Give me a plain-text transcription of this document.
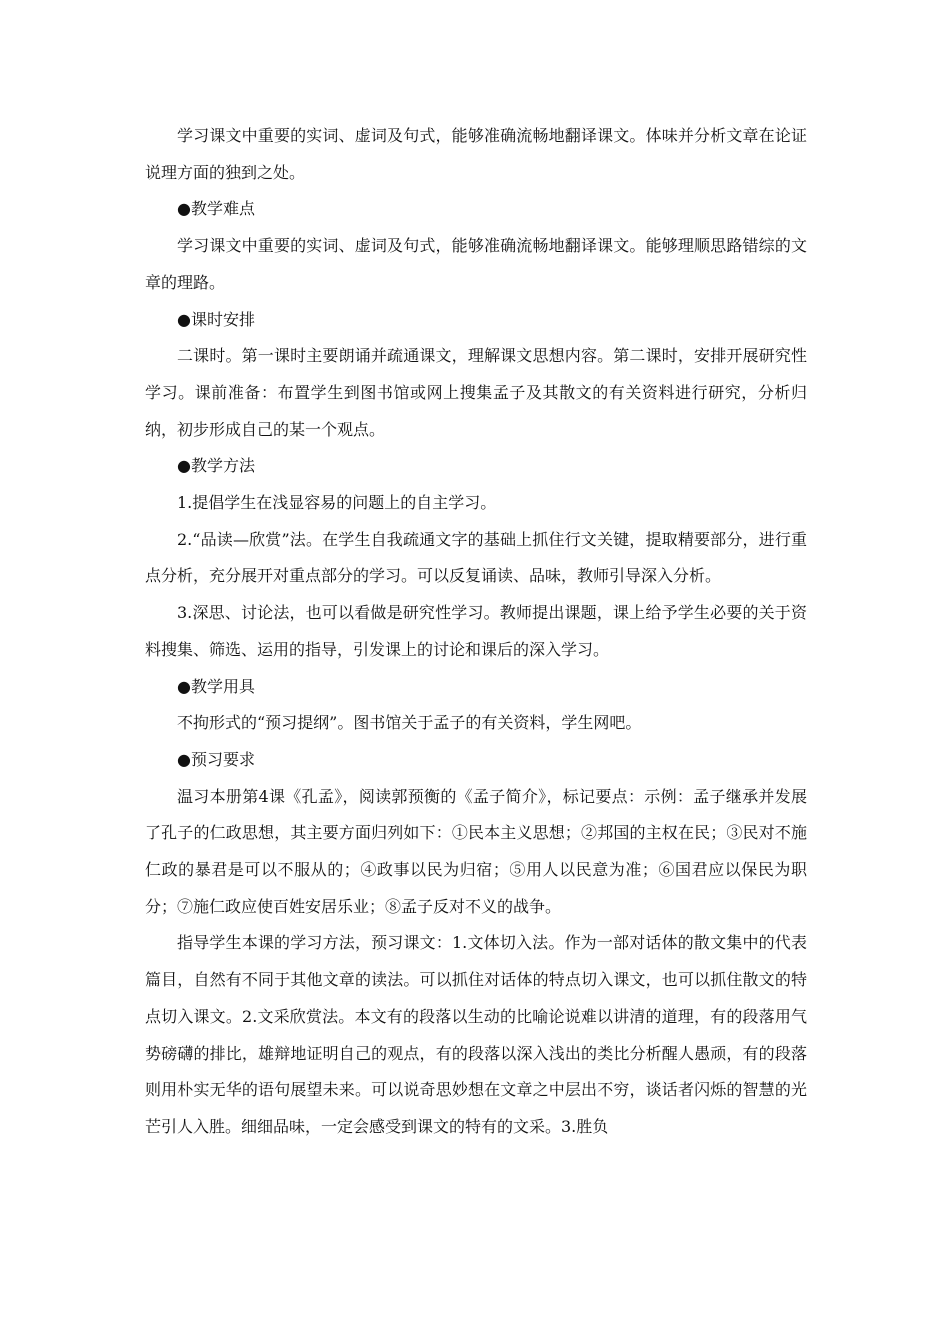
学习课文中重要的实词、虚词及句式，能够准确流畅地翻译课文。体味并分析文章在论证说理方面的独到之处。

●教学难点

学习课文中重要的实词、虚词及句式，能够准确流畅地翻译课文。能够理顺思路错综的文章的理路。

●课时安排

二课时。第一课时主要朗诵并疏通课文，理解课文思想内容。第二课时，安排开展研究性学习。课前准备：布置学生到图书馆或网上搜集孟子及其散文的有关资料进行研究，分析归纳，初步形成自己的某一个观点。

●教学方法

1.提倡学生在浅显容易的问题上的自主学习。

2.“品读—欣赏”法。在学生自我疏通文字的基础上抓住行文关键，提取精要部分，进行重点分析，充分展开对重点部分的学习。可以反复诵读、品味，教师引导深入分析。

3.深思、讨论法，也可以看做是研究性学习。教师提出课题，课上给予学生必要的关于资料搜集、筛选、运用的指导，引发课上的讨论和课后的深入学习。

●教学用具

不拘形式的“预习提纲”。图书馆关于孟子的有关资料，学生网吧。

●预习要求

温习本册第4课《孔孟》，阅读郭预衡的《孟子简介》，标记要点：示例：孟子继承并发展了孔子的仁政思想，其主要方面归列如下：①民本主义思想；②邦国的主权在民；③民对不施仁政的暴君是可以不服从的；④政事以民为归宿；⑤用人以民意为准；⑥国君应以保民为职分；⑦施仁政应使百姓安居乐业；⑧孟子反对不义的战争。

指导学生本课的学习方法，预习课文：1.文体切入法。作为一部对话体的散文集中的代表篇目，自然有不同于其他文章的读法。可以抓住对话体的特点切入课文，也可以抓住散文的特点切入课文。2.文采欣赏法。本文有的段落以生动的比喻论说难以讲清的道理，有的段落用气势磅礴的排比，雄辩地证明自己的观点，有的段落以深入浅出的类比分析醒人愚顽，有的段落则用朴实无华的语句展望未来。可以说奇思妙想在文章之中层出不穷，谈话者闪烁的智慧的光芒引人入胜。细细品味，一定会感受到课文的特有的文采。3.胜负
